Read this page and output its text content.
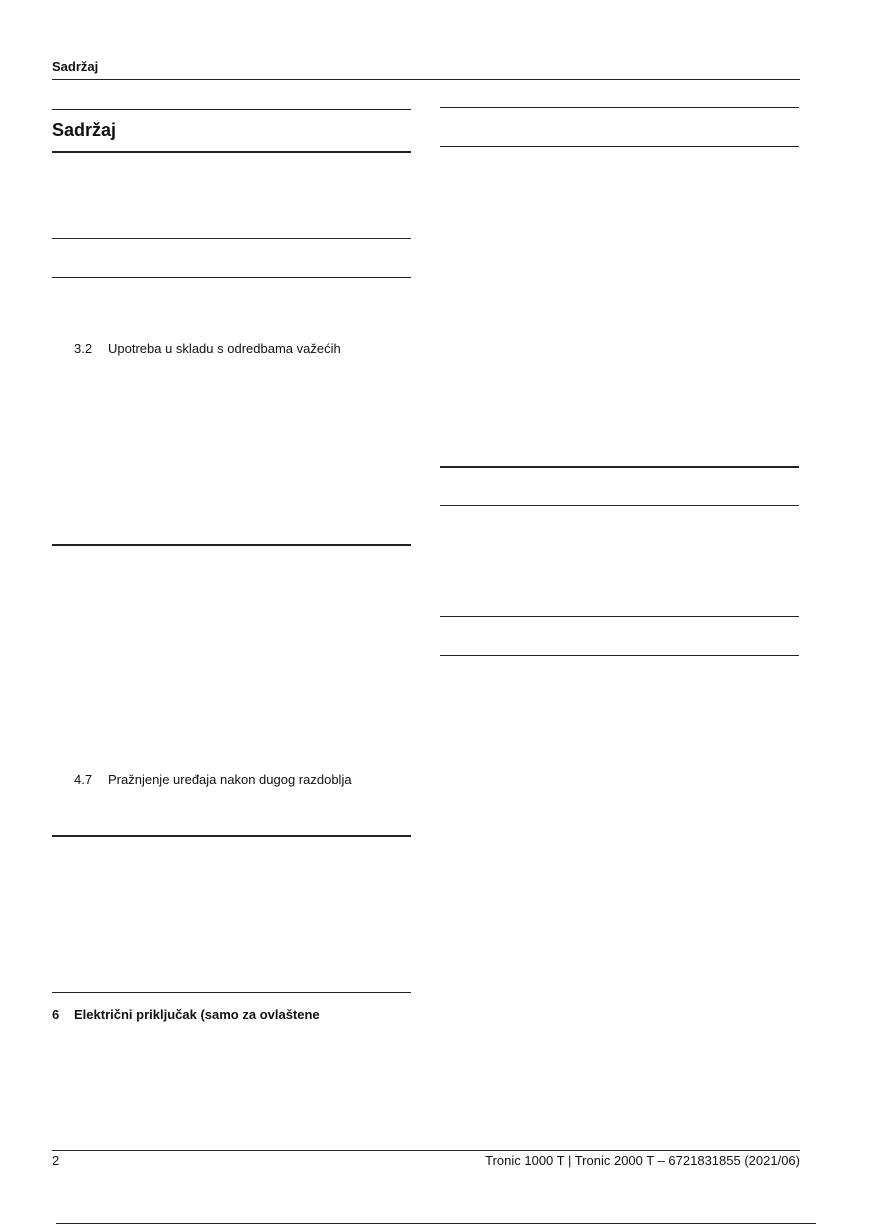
Sadržaj
Sadržaj
3.2 Upotreba u skladu s odredbama važećih
4.7 Pražnjenje uređaja nakon dugog razdoblja
6 Električni priključak (samo za ovlaštene
2	Tronic 1000 T | Tronic 2000 T – 6721831855 (2021/06)
